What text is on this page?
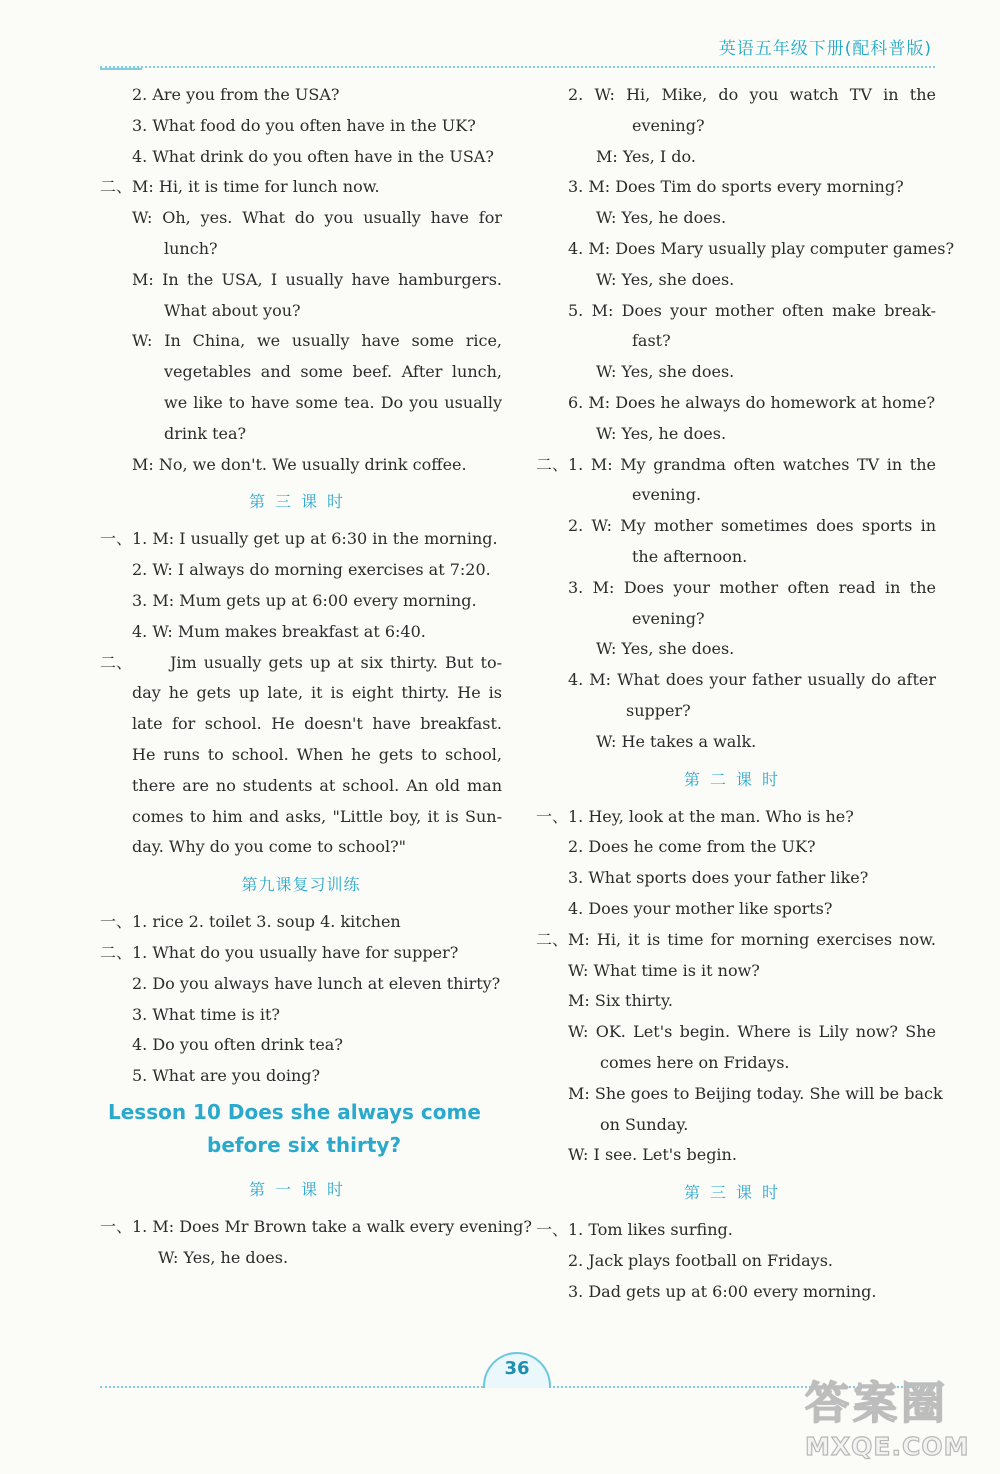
英语五年级下册(配科普版)
2. Are you from the USA?
3. What food do you often have in the UK?
4. What drink do you often have in the USA?
二、 M: Hi, it is time for lunch now.
W: Oh, yes. What do you usually have for
lunch?
M: In the USA, I usually have hamburgers.
What about you?
W: In China, we usually have some rice,
vegetables and some beef. After lunch,
we like to have some tea. Do you usually
drink tea?
M: No, we don't. We usually drink coffee.
第三课时
一、 1. M: I usually get up at 6:30 in the morning.
2. W: I always do morning exercises at 7:20.
3. M: Mum gets up at 6:00 every morning.
4. W: Mum makes breakfast at 6:40.
二、 Jim usually gets up at six thirty. But to-
day he gets up late, it is eight thirty. He is
late for school. He doesn't have breakfast.
He runs to school. When he gets to school,
there are no students at school. An old man
comes to him and asks, "Little boy, it is Sun-
day. Why do you come to school?"
第九课复习训练
一、 1. rice 2. toilet 3. soup 4. kitchen
二、 1. What do you usually have for supper?
2. Do you always have lunch at eleven thirty?
3. What time is it?
4. Do you often drink tea?
5. What are you doing?
Lesson 10 Does she always come
before six thirty?
第一课时
一、 1. M: Does Mr Brown take a walk every evening?
W: Yes, he does.
2. W: Hi, Mike, do you watch TV in the
evening?
M: Yes, I do.
3. M: Does Tim do sports every morning?
W: Yes, he does.
4. M: Does Mary usually play computer games?
W: Yes, she does.
5. M: Does your mother often make break-
fast?
W: Yes, she does.
6. M: Does he always do homework at home?
W: Yes, he does.
二、 1. M: My grandma often watches TV in the
evening.
2. W: My mother sometimes does sports in
the afternoon.
3. M: Does your mother often read in the
evening?
W: Yes, she does.
4. M: What does your father usually do after
supper?
W: He takes a walk.
第二课时
一、 1. Hey, look at the man. Who is he?
2. Does he come from the UK?
3. What sports does your father like?
4. Does your mother like sports?
二、 M: Hi, it is time for morning exercises now.
W: What time is it now?
M: Six thirty.
W: OK. Let's begin. Where is Lily now? She
comes here on Fridays.
M: She goes to Beijing today. She will be back
on Sunday.
W: I see. Let's begin.
第三课时
一、 1. Tom likes surfing.
2. Jack plays football on Fridays.
3. Dad gets up at 6:00 every morning.
36
答案圈
MXQE.COM
